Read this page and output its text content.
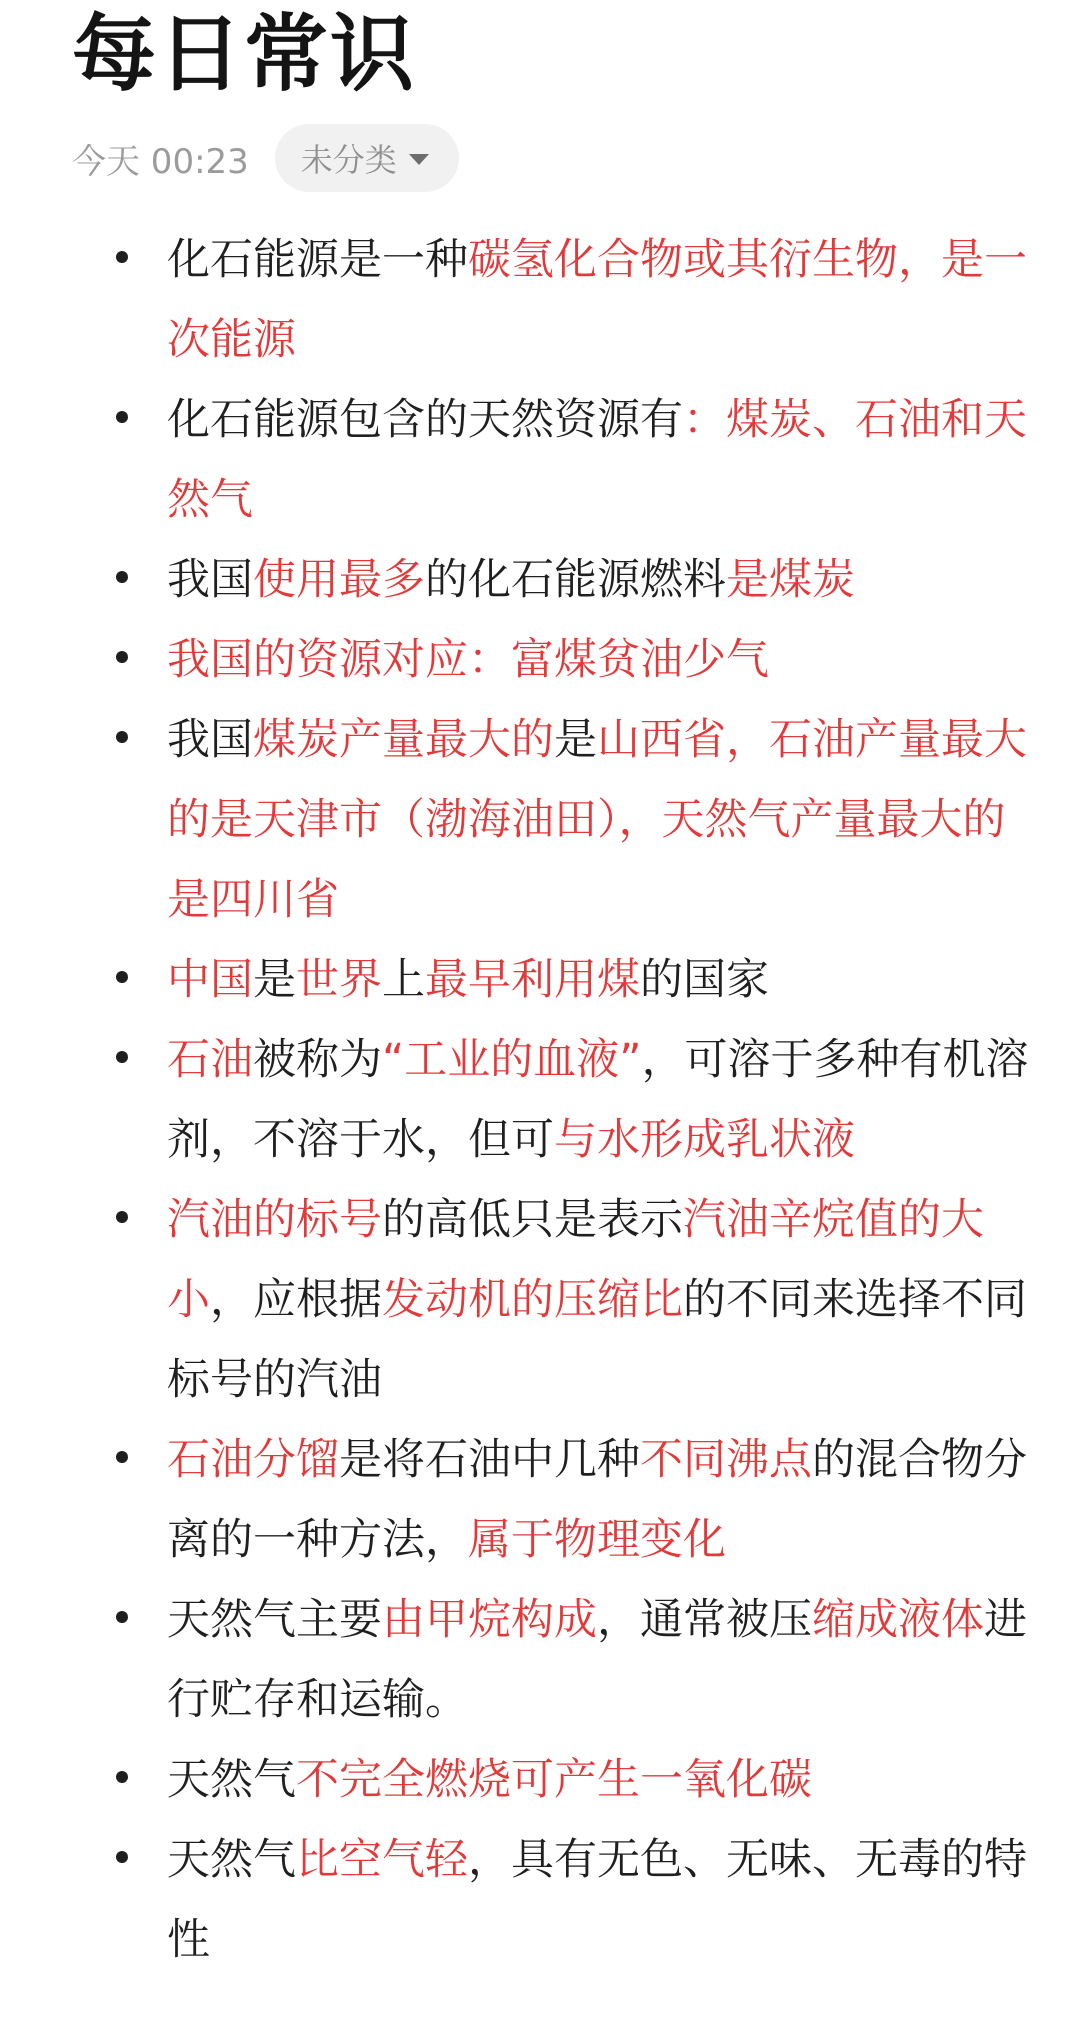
每日常识
今天 00:23 未分类
化石能源是一种碳氢化合物或其衍生物，是一次能源
化石能源包含的天然资源有：煤炭、石油和天然气
我国使用最多的化石能源燃料是煤炭
我国的资源对应：富煤贫油少气
我国煤炭产量最大的是山西省，石油产量最大的是天津市（渤海油田），天然气产量最大的是四川省
中国是世界上最早利用煤的国家
石油被称为“工业的血液”，可溶于多种有机溶剂，不溶于水，但可与水形成乳状液
汽油的标号的高低只是表示汽油辛烷值的大小，应根据发动机的压缩比的不同来选择不同标号的汽油
石油分馏是将石油中几种不同沸点的混合物分离的一种方法，属于物理变化
天然气主要由甲烷构成，通常被压缩成液体进行贮存和运输。
天然气不完全燃烧可产生一氧化碳
天然气比空气轻，具有无色、无味、无毒的特性
